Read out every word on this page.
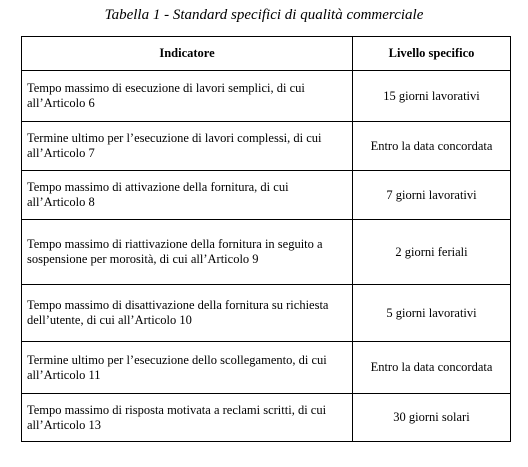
Tabella 1 - Standard specifici di qualità commerciale
Indicatore	Livello specifico
Tempo massimo di esecuzione di lavori semplici, di cui all’Articolo 6	15 giorni lavorativi
Termine ultimo per l’esecuzione di lavori complessi, di cui all’Articolo 7	Entro la data concordata
Tempo massimo di attivazione della fornitura, di cui all’Articolo 8	7 giorni lavorativi
Tempo massimo di riattivazione della fornitura in seguito a sospensione per morosità, di cui all’Articolo 9	2 giorni feriali
Tempo massimo di disattivazione della fornitura su richiesta dell’utente, di cui all’Articolo 10	5 giorni lavorativi
Termine ultimo per l’esecuzione dello scollegamento, di cui all’Articolo 11	Entro la data concordata
Tempo massimo di risposta motivata a reclami scritti, di cui all’Articolo 13	30 giorni solari
